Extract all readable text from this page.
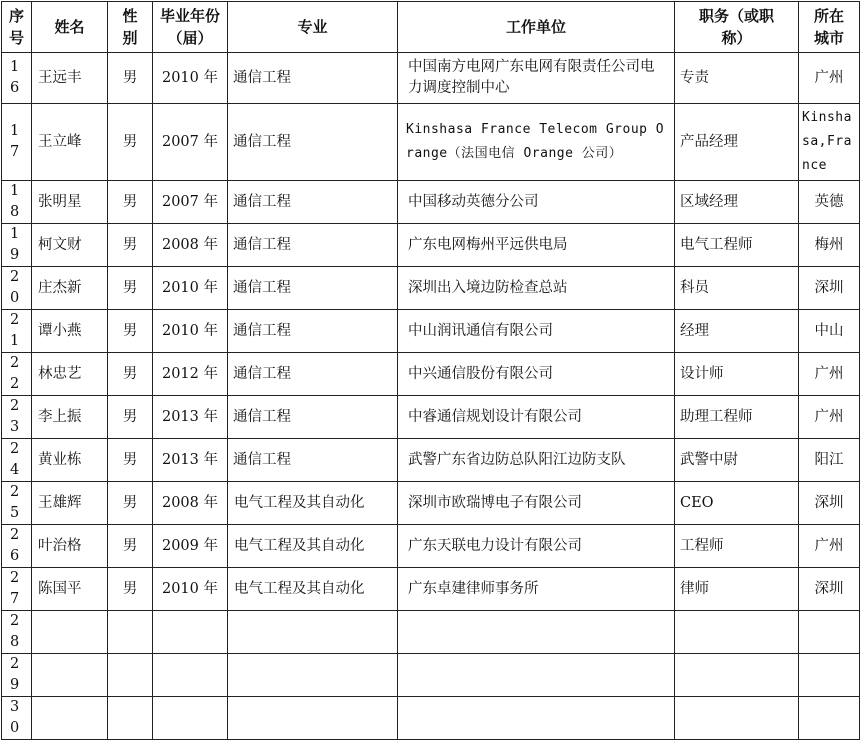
序号	姓名	性别	毕业年份（届）	专业	工作单位	职务（或职称）	所在城市
16	王远丰	男	2010 年	通信工程	中国南方电网广东电网有限责任公司电力调度控制中心	专责	广州
17	王立峰	男	2007 年	通信工程	Kinshasa France Telecom Group Orange（法国电信 Orange 公司）	产品经理	Kinshasa,France
18	张明星	男	2007 年	通信工程	中国移动英德分公司	区域经理	英德
19	柯文财	男	2008 年	通信工程	广东电网梅州平远供电局	电气工程师	梅州
20	庄杰新	男	2010 年	通信工程	深圳出入境边防检查总站	科员	深圳
21	谭小燕	男	2010 年	通信工程	中山润讯通信有限公司	经理	中山
22	林忠艺	男	2012 年	通信工程	中兴通信股份有限公司	设计师	广州
23	李上振	男	2013 年	通信工程	中睿通信规划设计有限公司	助理工程师	广州
24	黄业栋	男	2013 年	通信工程	武警广东省边防总队阳江边防支队	武警中尉	阳江
25	王雄辉	男	2008 年	电气工程及其自动化	深圳市欧瑞博电子有限公司	CEO	深圳
26	叶治格	男	2009 年	电气工程及其自动化	广东天联电力设计有限公司	工程师	广州
27	陈国平	男	2010 年	电气工程及其自动化	广东卓建律师事务所	律师	深圳
28							
29							
30							
